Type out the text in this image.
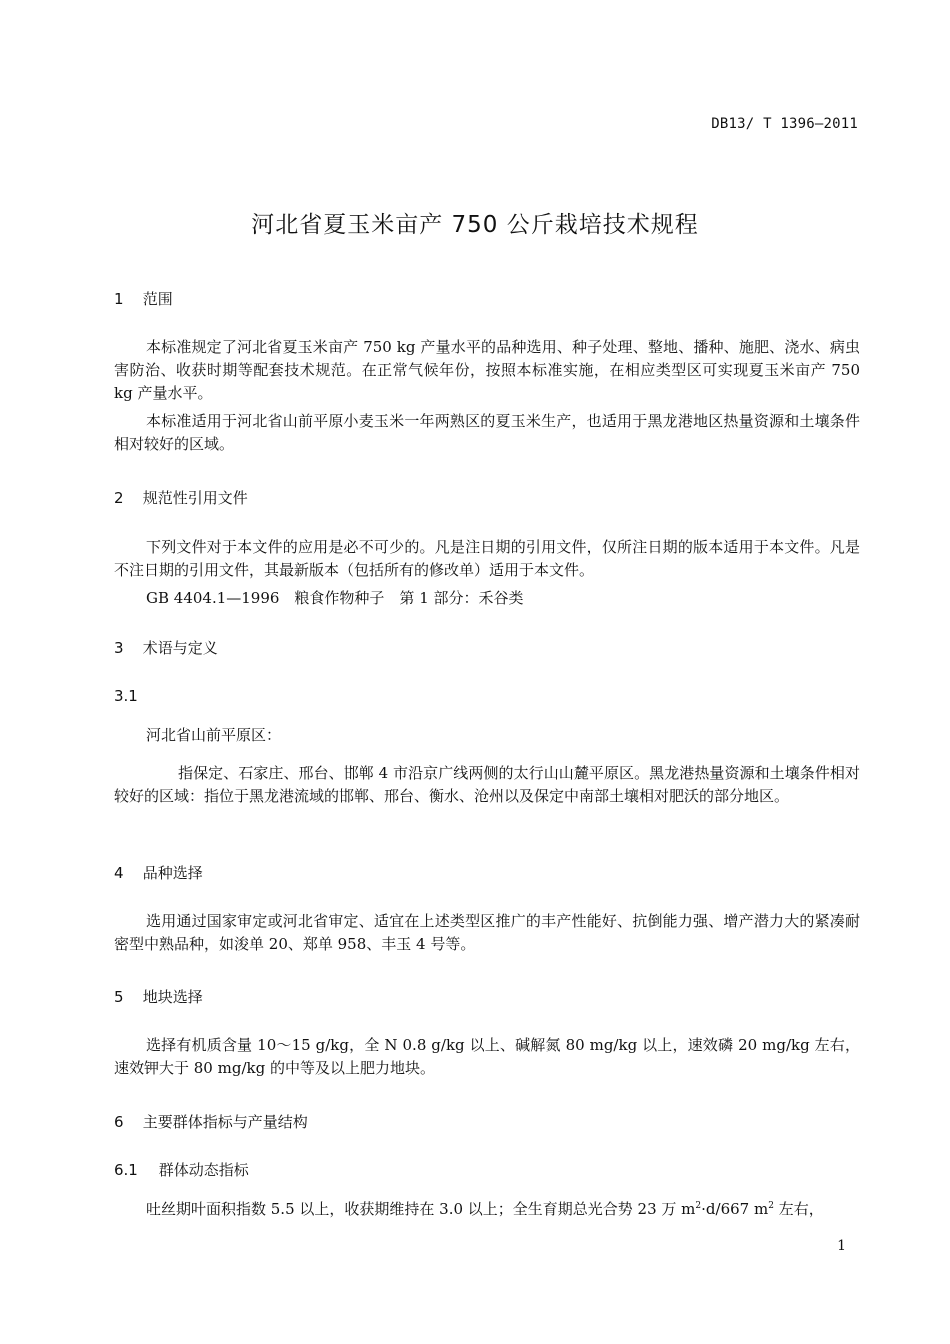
DB13/ T 1396—2011
河北省夏玉米亩产 750 公斤栽培技术规程
1 范围

本标准规定了河北省夏玉米亩产 750 kg 产量水平的品种选用、种子处理、整地、播种、施肥、浇水、病虫害防治、收获时期等配套技术规范。在正常气候年份，按照本标准实施，在相应类型区可实现夏玉米亩产 750 kg 产量水平。

本标准适用于河北省山前平原小麦玉米一年两熟区的夏玉米生产，也适用于黑龙港地区热量资源和土壤条件相对较好的区域。

2 规范性引用文件

下列文件对于本文件的应用是必不可少的。凡是注日期的引用文件，仅所注日期的版本适用于本文件。凡是不注日期的引用文件，其最新版本（包括所有的修改单）适用于本文件。

GB 4404.1—1996　粮食作物种子　第 1 部分：禾谷类
3 术语与定义
3.1
河北省山前平原区：

指保定、石家庄、邢台、邯郸 4 市沿京广线两侧的太行山山麓平原区。黑龙港热量资源和土壤条件相对较好的区域：指位于黑龙港流域的邯郸、邢台、衡水、沧州以及保定中南部土壤相对肥沃的部分地区。

4 品种选择

选用通过国家审定或河北省审定、适宜在上述类型区推广的丰产性能好、抗倒能力强、增产潜力大的紧凑耐密型中熟品种，如浚单 20、郑单 958、丰玉 4 号等。

5 地块选择

选择有机质含量 10～15 g/kg，全 N 0.8 g/kg 以上、碱解氮 80 mg/kg 以上，速效磷 20 mg/kg 左右，速效钾大于 80 mg/kg 的中等及以上肥力地块。

6 主要群体指标与产量结构
6.1 群体动态指标

吐丝期叶面积指数 5.5 以上，收获期维持在 3.0 以上；全生育期总光合势 23 万 $m^2\cdot d/667$ $m^2$ 左右，

1
